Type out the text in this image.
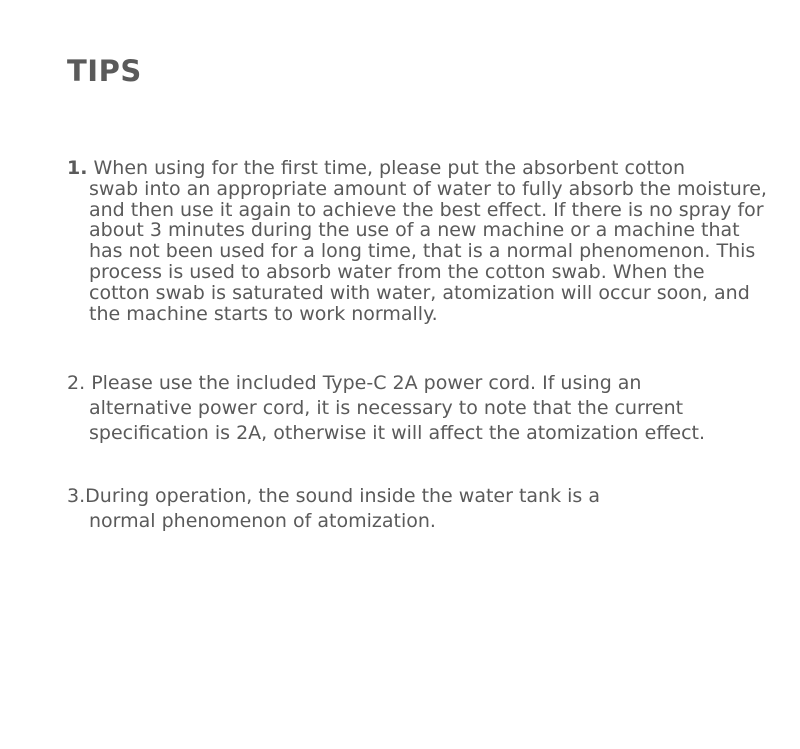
TIPS
1. When using for the first time, please put the absorbent cotton
swab into an appropriate amount of water to fully absorb the moisture, and then use it again to achieve the best effect. If there is no spray for about 3 minutes during the use of a new machine or a machine that has not been used for a long time, that is a normal phenomenon. This process is used to absorb water from the cotton swab. When the cotton swab is saturated with water, atomization will occur soon, and the machine starts to work normally.
2. Please use the included Type-C 2A power cord. If using an
alternative power cord, it is necessary to note that the current specification is 2A, otherwise it will affect the atomization effect.
3.During operation, the sound inside the water tank is a
normal phenomenon of atomization.
